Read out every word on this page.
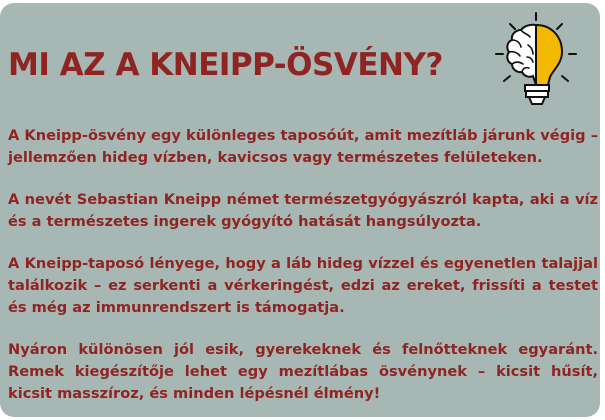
MI AZ A KNEIPP-ÖSVÉNY?

A Kneipp-ösvény egy különleges taposóút, amit mezítláb járunk végig – jellemzően hideg vízben, kavicsos vagy természetes felületeken.

A nevét Sebastian Kneipp német természetgyógyászról kapta, aki a víz és a természetes ingerek gyógyító hatását hangsúlyozta.

A Kneipp-taposó lényege, hogy a láb hideg vízzel és egyenetlen talajjal találkozik – ez serkenti a vérkeringést, edzi az ereket, frissíti a testet és még az immunrendszert is támogatja.

Nyáron különösen jól esik, gyerekeknek és felnőtteknek egyaránt. Remek kiegészítője lehet egy mezítlábas ösvénynek – kicsit hűsít, kicsit masszíroz, és minden lépésnél élmény!
